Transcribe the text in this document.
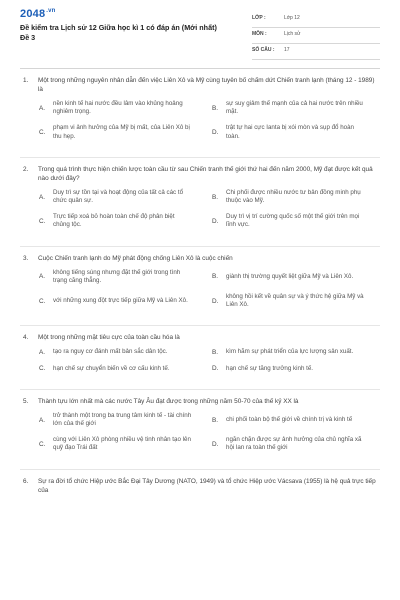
$2048^{.vn}$
Đề kiểm tra Lịch sử 12 Giữa học kì 1 có đáp án (Mới nhất)
Đề 3
LỚP :	Lớp 12
MÔN :	Lịch sử
SỐ CÂU : 17
1. Một trong những nguyên nhân dẫn đến việc Liên Xô và Mỹ cùng tuyên bố chấm dứt Chiến tranh lạnh (tháng 12 - 1989) là
A.
nền kinh tế hai nước đều lâm vào khủng hoảng nghiêm trọng.	B.
sự suy giảm thế mạnh của cả hai nước trên nhiều mặt.
C.
phạm vi ảnh hưởng của Mỹ bị mất, của Liên Xô bị thu hẹp.	D.
trật tự hai cực Ianta bị xói mòn và sụp đổ hoàn toàn.
2. Trong quá trình thực hiện chiến lược toàn cầu từ sau Chiến tranh thế giới thứ hai đến năm 2000, Mỹ đạt được kết quả nào dưới đây?
A.
Duy trì sự tồn tại và hoạt động của tất cả các tổ chức quân sự.	B.
Chi phối được nhiều nước tư bản đồng minh phụ thuộc vào Mỹ.
C.
Trực tiếp xoá bỏ hoàn toàn chế độ phân biệt chủng tộc.	D.
Duy trì vị trí cường quốc số một thế giới trên mọi lĩnh vực.
3. Cuộc Chiến tranh lạnh do Mỹ phát động chống Liên Xô là cuộc chiến
A.
không tiếng súng nhưng đặt thế giới trong tình trạng căng thẳng.	B.	giành thị trường quyết liệt giữa Mỹ và Liên Xô.
C.	với những xung đột trực tiếp giữa Mỹ và Liên Xô.	D.
không hồi kết về quân sự và ý thức hệ giữa Mỹ và Liên Xô.
4. Một trong những mặt tiêu cực của toàn cầu hóa là
A.	tạo ra nguy cơ đánh mất bản sắc dân tộc.	B.	kìm hãm sự phát triển của lực lượng sản xuất.
C.	hạn chế sự chuyển biến về cơ cấu kinh tế.	D.	hạn chế sự tăng trưởng kinh tế.
5. Thành tựu lớn nhất mà các nước Tây Âu đạt được trong những năm 50-70 của thế kỷ XX là
A.
trở thành một trong ba trung tâm kinh tế - tài chính lớn của thế giới	B.	chi phối toàn bộ thế giới về chính trị và kinh tế
C.
cùng với Liên Xô phòng nhiều vệ tinh nhân tạo lên quỹ đạo Trái đất	D.
ngăn chặn được sự ảnh hưởng của chủ nghĩa xã hội lan ra toàn thế giới
6. Sự ra đời tổ chức Hiệp ước Bắc Đại Tây Dương (NATO, 1949) và tổ chức Hiệp ước Vácsava (1955) là hệ quả trực tiếp của
